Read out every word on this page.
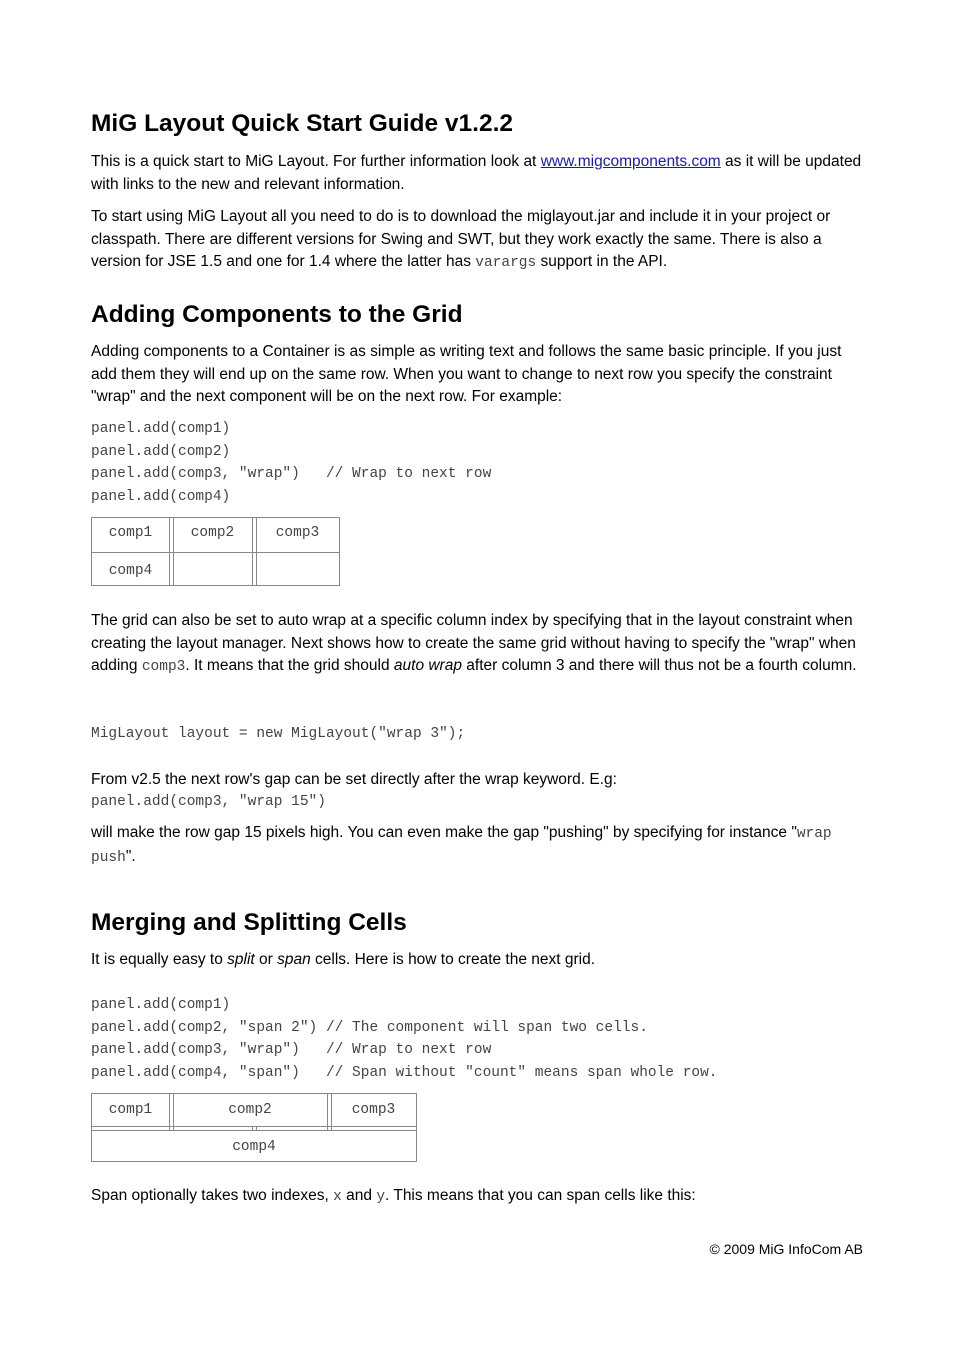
MiG Layout Quick Start Guide v1.2.2

This is a quick start to MiG Layout. For further information look at www.migcomponents.com as it will be updated with links to the new and relevant information.

To start using MiG Layout all you need to do is to download the miglayout.jar and include it in your project or classpath. There are different versions for Swing and SWT, but they work exactly the same. There is also a version for JSE 1.5 and one for 1.4 where the latter has varargs support in the API.

Adding Components to the Grid

Adding components to a Container is as simple as writing text and follows the same basic principle. If you just add them they will end up on the same row. When you want to change to next row you specify the constraint "wrap" and the next component will be on the next row. For example:

panel.add(comp1)
panel.add(comp2)
panel.add(comp3, "wrap")   // Wrap to next row
panel.add(comp4)
comp1	comp2	comp3
comp4

The grid can also be set to auto wrap at a specific column index by specifying that in the layout constraint when creating the layout manager. Next shows how to create the same grid without having to specify the "wrap" when adding comp3. It means that the grid should auto wrap after column 3 and there will thus not be a fourth column.

MigLayout layout = new MigLayout("wrap 3");

From v2.5 the next row's gap can be set directly after the wrap keyword. E.g:

panel.add(comp3, "wrap 15")

will make the row gap 15 pixels high. You can even make the gap "pushing" by specifying for instance "wrap push".

Merging and Splitting Cells

It is equally easy to split or span cells. Here is how to create the next grid.

panel.add(comp1)
panel.add(comp2, "span 2") // The component will span two cells.
panel.add(comp3, "wrap")   // Wrap to next row
panel.add(comp4, "span")   // Span without "count" means span whole row.
comp1	comp2	comp3
comp4

Span optionally takes two indexes, x and y. This means that you can span cells like this:

© 2009 MiG InfoCom AB
